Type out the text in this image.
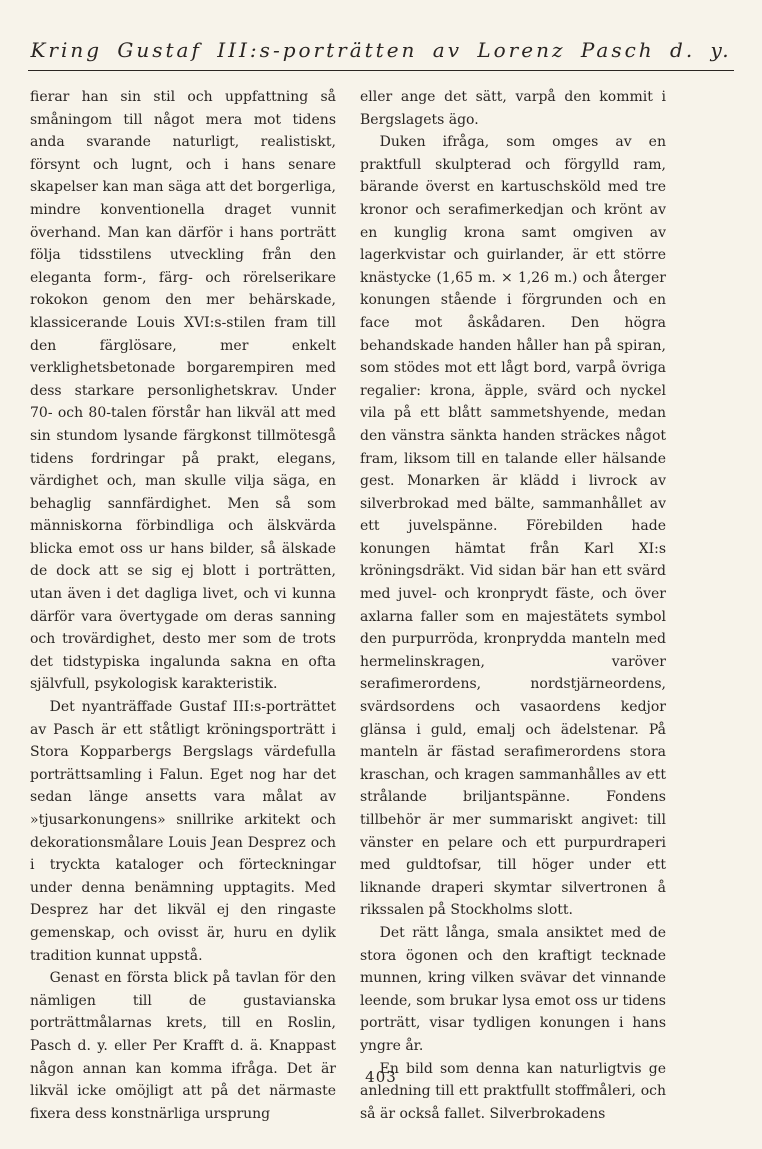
Kring Gustaf III:s-porträtten av Lorenz Pasch d. y.

fierar han sin stil och uppfattning så småningom till något mera mot tidens anda svarande naturligt, realistiskt, försynt och lugnt, och i hans senare skapelser kan man säga att det borgerliga, mindre konventionella draget vunnit överhand. Man kan därför i hans porträtt följa tidsstilens utveckling från den eleganta form-, färg- och rörelserikare rokokon genom den mer behärskade, klassicerande Louis XVI:s-stilen fram till den färglösare, mer enkelt verklighetsbetonade borgarempiren med dess starkare personlighetskrav. Under 70- och 80-talen förstår han likväl att med sin stundom lysande färgkonst tillmötesgå tidens fordringar på prakt, elegans, värdighet och, man skulle vilja säga, en behaglig sannfärdighet. Men så som människorna förbindliga och älskvärda blicka emot oss ur hans bilder, så älskade de dock att se sig ej blott i porträtten, utan även i det dagliga livet, och vi kunna därför vara övertygade om deras sanning och trovärdighet, desto mer som de trots det tidstypiska ingalunda sakna en ofta självfull, psykologisk karakteristik.

Det nyanträffade Gustaf III:s-porträttet av Pasch är ett ståtligt kröningsporträtt i Stora Kopparbergs Bergslags värdefulla porträttsamling i Falun. Eget nog har det sedan länge ansetts vara målat av »tjusarkonungens» snillrike arkitekt och dekorationsmålare Louis Jean Desprez och i tryckta kataloger och förteckningar under denna benämning upptagits. Med Desprez har det likväl ej den ringaste gemenskap, och ovisst är, huru en dylik tradition kunnat uppstå.

Genast en första blick på tavlan för den nämligen till de gustavianska porträttmålarnas krets, till en Roslin, Pasch d. y. eller Per Krafft d. ä. Knappast någon annan kan komma ifråga. Det är likväl icke omöjligt att på det närmaste fixera dess konstnärliga ursprung

eller ange det sätt, varpå den kommit i Bergslagets ägo.

Duken ifråga, som omges av en praktfull skulpterad och förgylld ram, bärande överst en kartuschsköld med tre kronor och serafimerkedjan och krönt av en kunglig krona samt omgiven av lagerkvistar och guirlander, är ett större knästycke (1,65 m. × 1,26 m.) och återger konungen stående i förgrunden och en face mot åskådaren. Den högra behandskade handen håller han på spiran, som stödes mot ett lågt bord, varpå övriga regalier: krona, äpple, svärd och nyckel vila på ett blått sammetshyende, medan den vänstra sänkta handen sträckes något fram, liksom till en talande eller hälsande gest. Monarken är klädd i livrock av silverbrokad med bälte, sammanhållet av ett juvelspänne. Förebilden hade konungen hämtat från Karl XI:s kröningsdräkt. Vid sidan bär han ett svärd med juvel- och kronprydt fäste, och över axlarna faller som en majestätets symbol den purpurröda, kronprydda manteln med hermelinskragen, varöver serafimerordens, nordstjärneordens, svärdsordens och vasaordens kedjor glänsa i guld, emalj och ädelstenar. På manteln är fästad serafimerordens stora kraschan, och kragen sammanhålles av ett strålande briljantspänne. Fondens tillbehör är mer summariskt angivet: till vänster en pelare och ett purpurdraperi med guldtofsar, till höger under ett liknande draperi skymtar silvertronen å rikssalen på Stockholms slott.

Det rätt långa, smala ansiktet med de stora ögonen och den kraftigt tecknade munnen, kring vilken svävar det vinnande leende, som brukar lysa emot oss ur tidens porträtt, visar tydligen konungen i hans yngre år.

En bild som denna kan naturligtvis ge anledning till ett praktfullt stoffmåleri, och så är också fallet. Silverbrokadens

403
